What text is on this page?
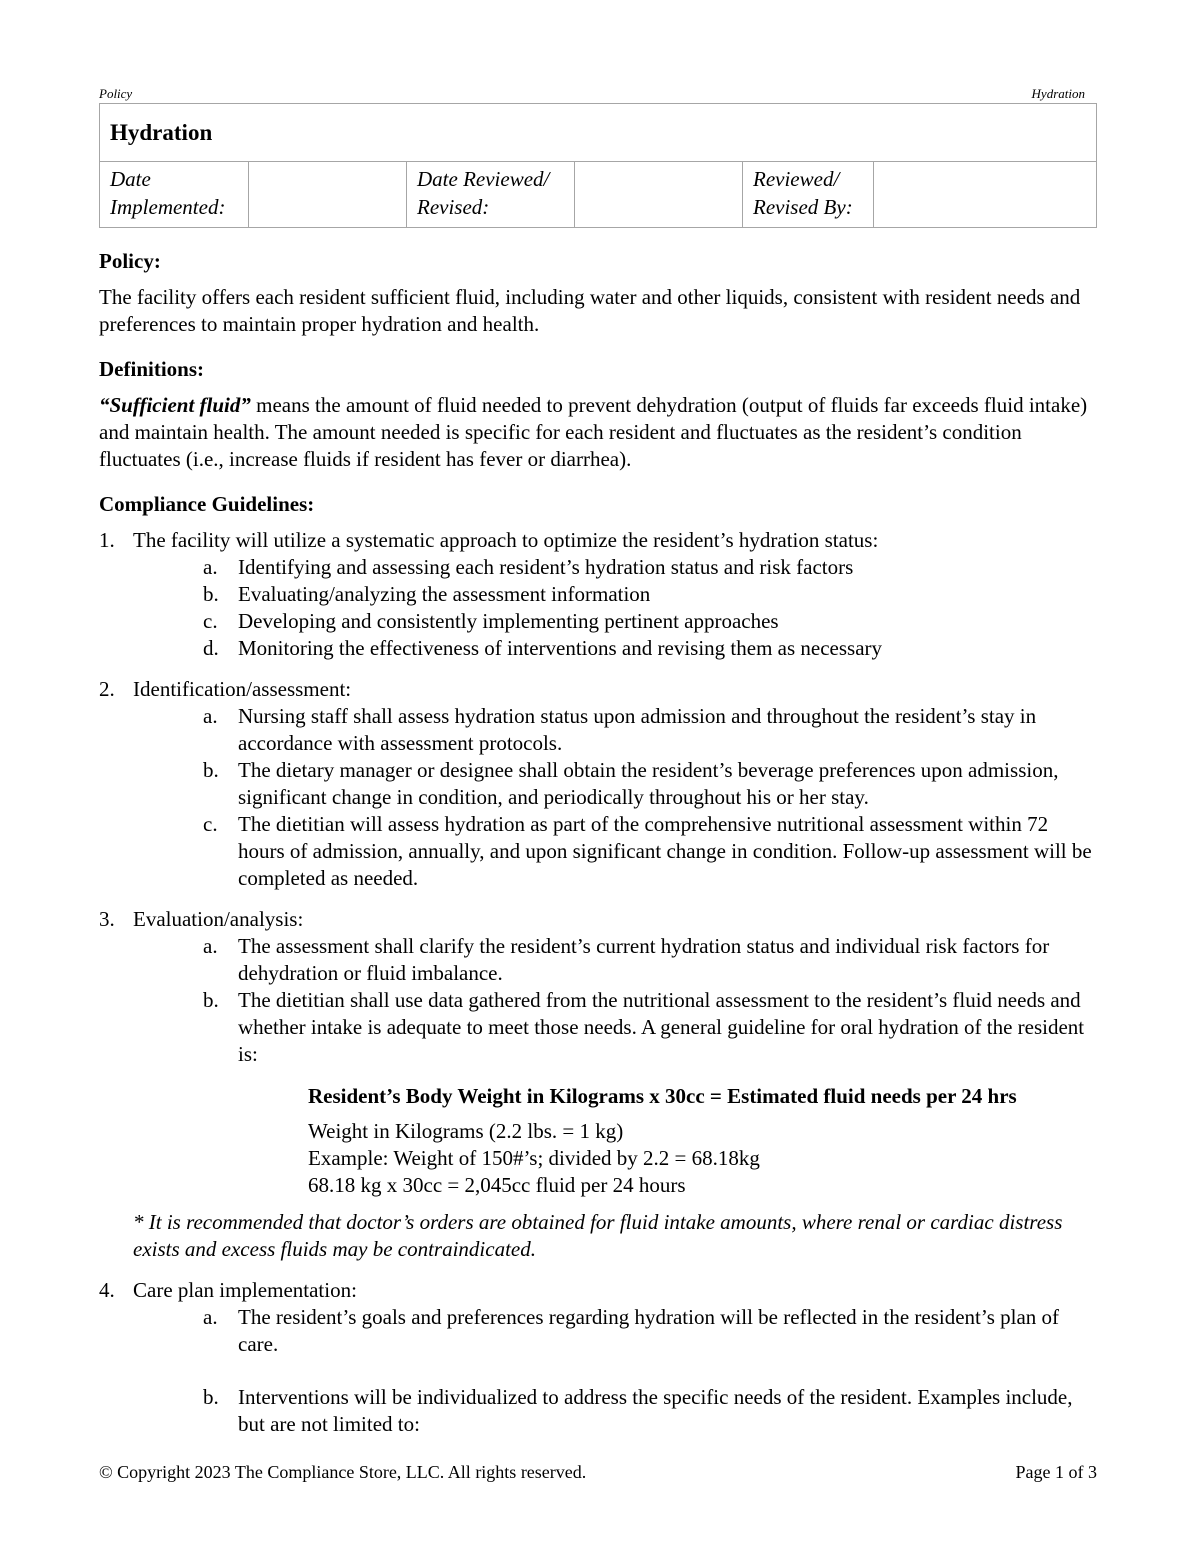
Policy	Hydration
Hydration
Date Implemented:		Date Reviewed/ Revised:		Reviewed/ Revised By:	
Policy:

The facility offers each resident sufficient fluid, including water and other liquids, consistent with resident needs and preferences to maintain proper hydration and health.

Definitions:

“Sufficient fluid” means the amount of fluid needed to prevent dehydration (output of fluids far exceeds fluid intake) and maintain health. The amount needed is specific for each resident and fluctuates as the resident’s condition fluctuates (i.e., increase fluids if resident has fever or diarrhea).

Compliance Guidelines:
1. The facility will utilize a systematic approach to optimize the resident’s hydration status:
a. Identifying and assessing each resident’s hydration status and risk factors
b. Evaluating/analyzing the assessment information
c. Developing and consistently implementing pertinent approaches
d. Monitoring the effectiveness of interventions and revising them as necessary
2. Identification/assessment:
a. Nursing staff shall assess hydration status upon admission and throughout the resident’s stay in accordance with assessment protocols.
b. The dietary manager or designee shall obtain the resident’s beverage preferences upon admission, significant change in condition, and periodically throughout his or her stay.
c. The dietitian will assess hydration as part of the comprehensive nutritional assessment within 72 hours of admission, annually, and upon significant change in condition. Follow-up assessment will be completed as needed.
3. Evaluation/analysis:
a. The assessment shall clarify the resident’s current hydration status and individual risk factors for dehydration or fluid imbalance.
b. The dietitian shall use data gathered from the nutritional assessment to the resident’s fluid needs and whether intake is adequate to meet those needs. A general guideline for oral hydration of the resident is:
Resident’s Body Weight in Kilograms x 30cc = Estimated fluid needs per 24 hrs
Weight in Kilograms (2.2 lbs. = 1 kg)
Example: Weight of 150#’s; divided by 2.2 = 68.18kg
68.18 kg x 30cc = 2,045cc fluid per 24 hours

* It is recommended that doctor’s orders are obtained for fluid intake amounts, where renal or cardiac distress exists and excess fluids may be contraindicated.

4. Care plan implementation:
a. The resident’s goals and preferences regarding hydration will be reflected in the resident’s plan of care.
b. Interventions will be individualized to address the specific needs of the resident. Examples include, but are not limited to:
© Copyright 2023 The Compliance Store, LLC. All rights reserved.	Page 1 of 3
